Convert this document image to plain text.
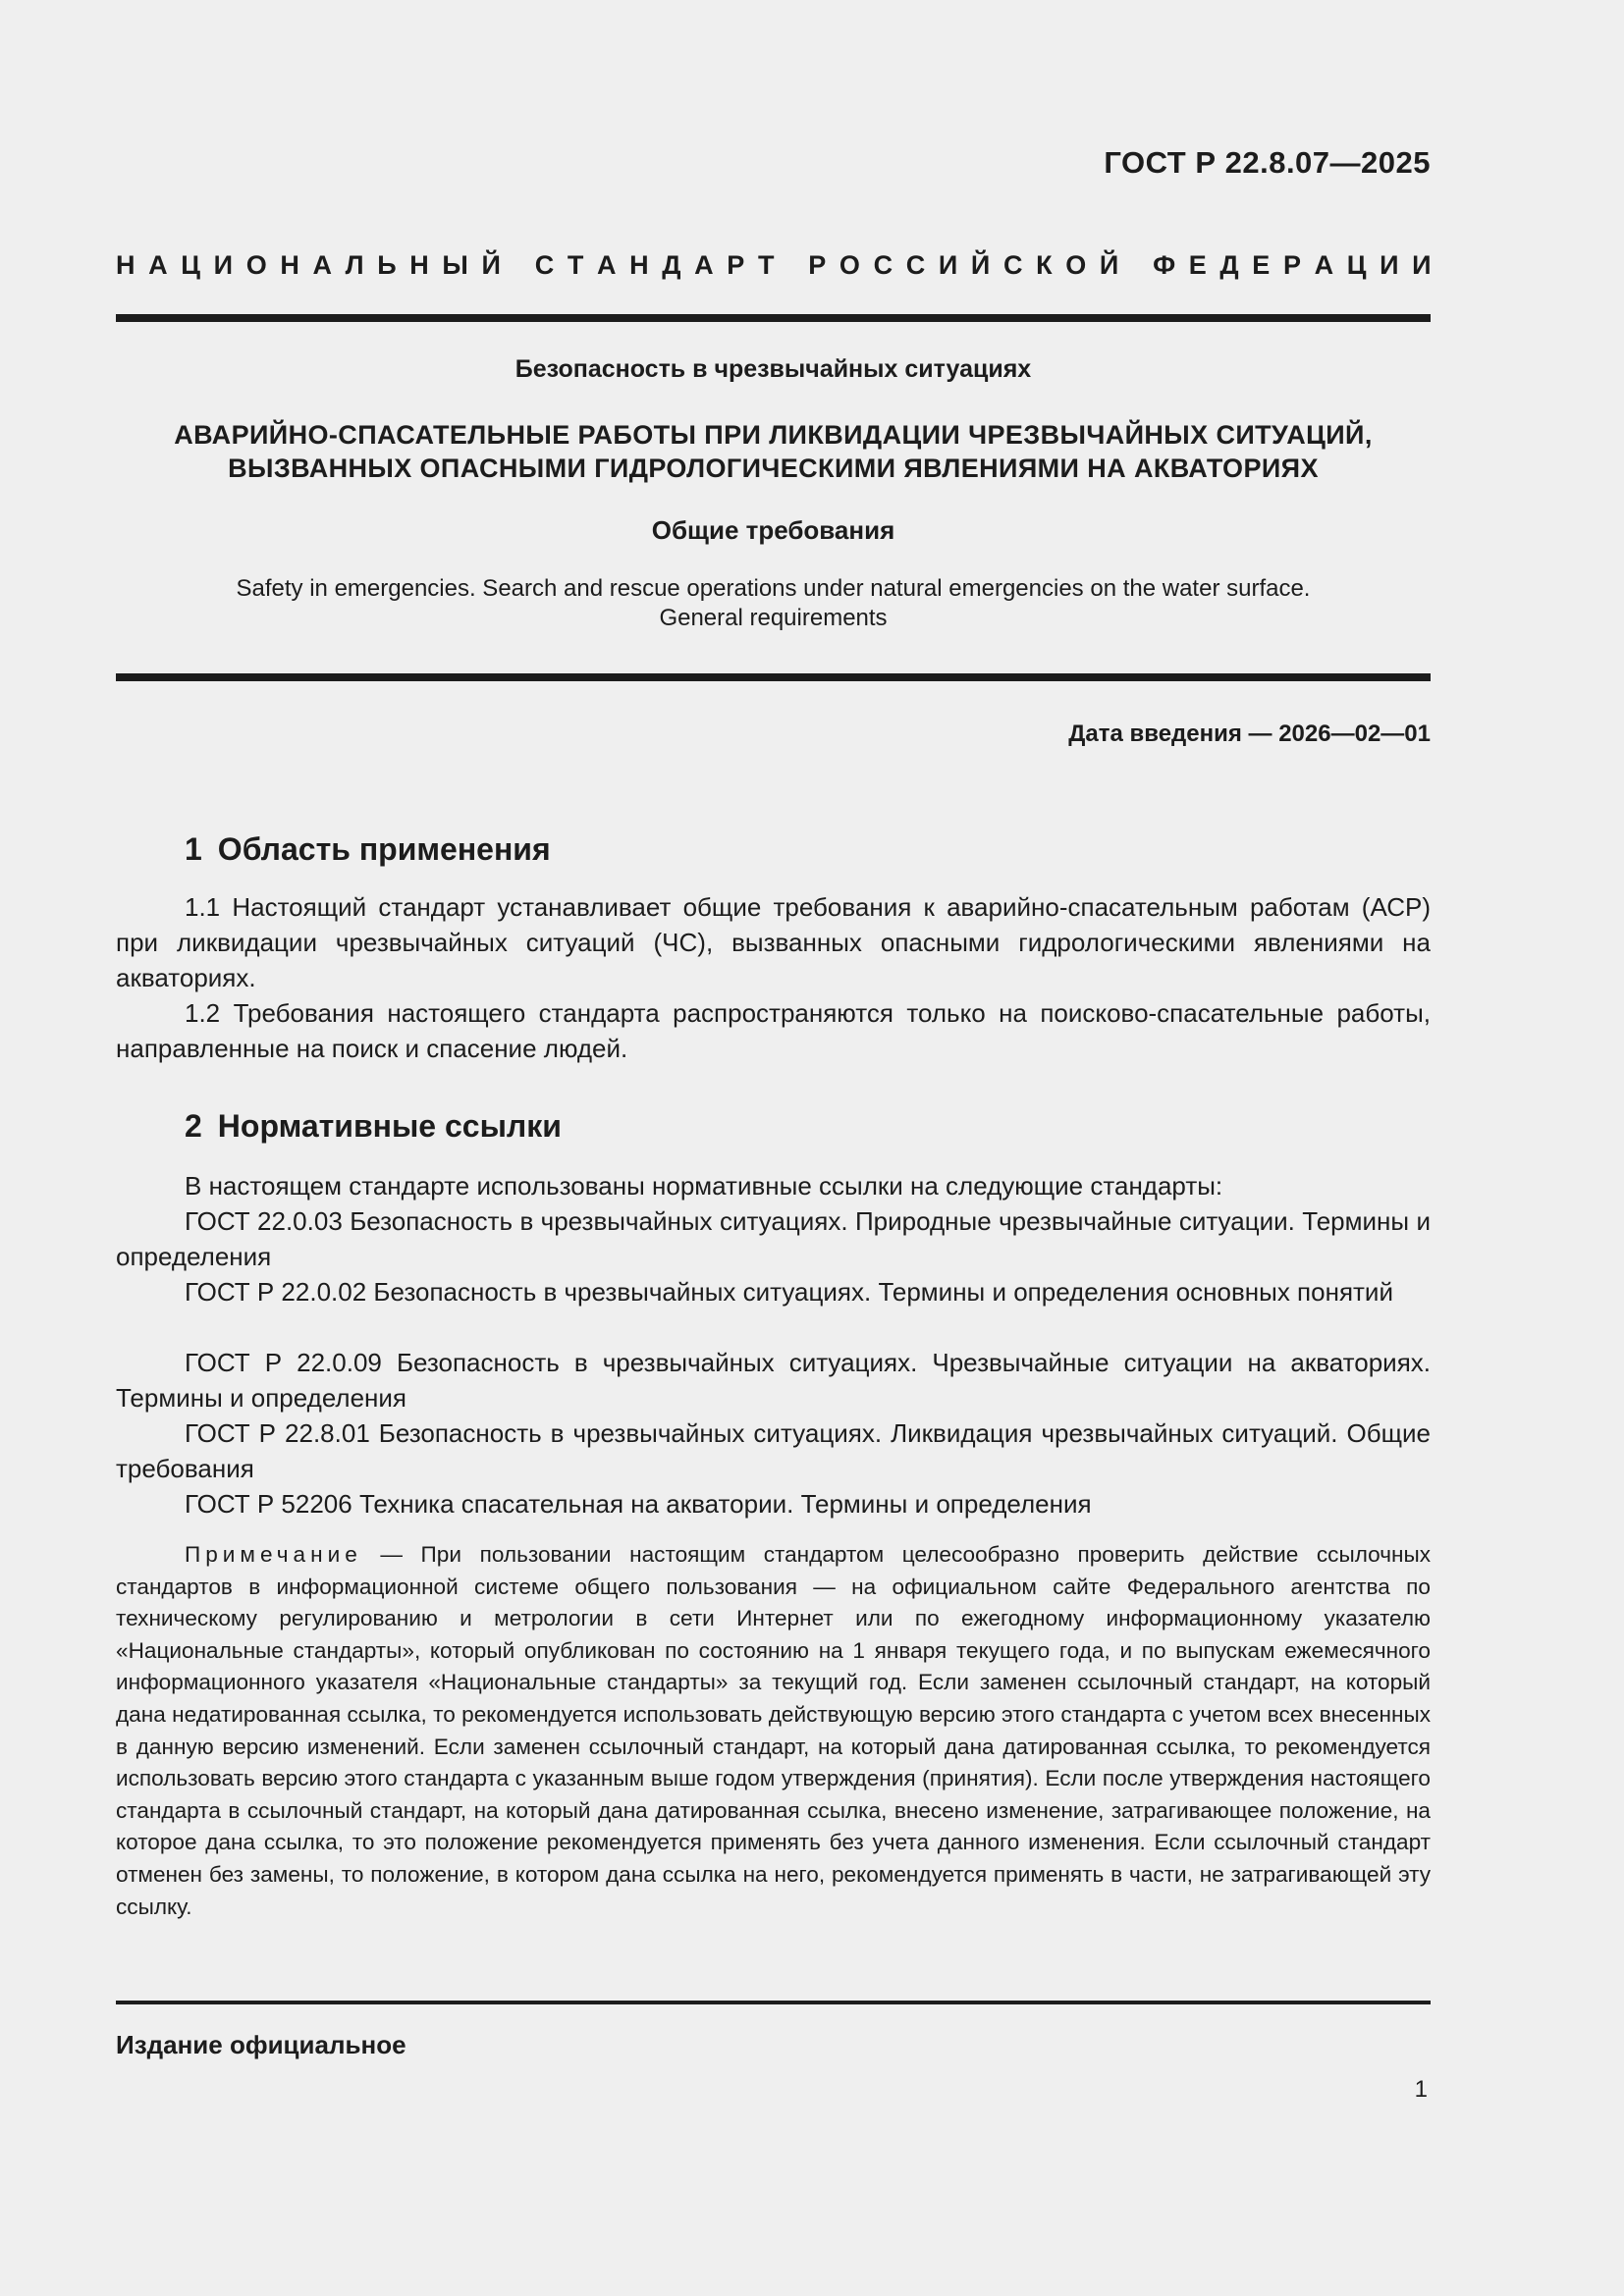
ГОСТ Р 22.8.07—2025
Н А Ц И О Н А Л Ь Н Ы Й
С Т А Н Д А Р Т
Р О С С И Й С К О Й
Ф Е Д Е Р А Ц И И
Безопасность в чрезвычайных ситуациях
АВАРИЙНО-СПАСАТЕЛЬНЫЕ РАБОТЫ ПРИ ЛИКВИДАЦИИ ЧРЕЗВЫЧАЙНЫХ СИТУАЦИЙ,
ВЫЗВАННЫХ ОПАСНЫМИ ГИДРОЛОГИЧЕСКИМИ ЯВЛЕНИЯМИ НА АКВАТОРИЯХ
Общие требования
Safety in emergencies. Search and rescue operations under natural emergencies on the water surface.
General requirements
Дата введения — 2026—02—01
1 Область применения
1.1 Настоящий стандарт устанавливает общие требования к аварийно-спасательным работам (АСР) при ликвидации чрезвычайных ситуаций (ЧС), вызванных опасными гидрологическими явлениями на акваториях.
1.2 Требования настоящего стандарта распространяются только на поисково-спасательные работы, направленные на поиск и спасение людей.
2 Нормативные ссылки
В настоящем стандарте использованы нормативные ссылки на следующие стандарты:
ГОСТ 22.0.03 Безопасность в чрезвычайных ситуациях. Природные чрезвычайные ситуации. Термины и определения
ГОСТ Р 22.0.02 Безопасность в чрезвычайных ситуациях. Термины и определения основных понятий
ГОСТ Р 22.0.09 Безопасность в чрезвычайных ситуациях. Чрезвычайные ситуации на акваториях. Термины и определения
ГОСТ Р 22.8.01 Безопасность в чрезвычайных ситуациях. Ликвидация чрезвычайных ситуаций. Общие требования
ГОСТ Р 52206 Техника спасательная на акватории. Термины и определения
Примечание — При пользовании настоящим стандартом целесообразно проверить действие ссылочных стандартов в информационной системе общего пользования — на официальном сайте Федерального агентства по техническому регулированию и метрологии в сети Интернет или по ежегодному информационному указателю «Национальные стандарты», который опубликован по состоянию на 1 января текущего года, и по выпускам ежемесячного информационного указателя «Национальные стандарты» за текущий год. Если заменен ссылочный стандарт, на который дана недатированная ссылка, то рекомендуется использовать действующую версию этого стандарта с учетом всех внесенных в данную версию изменений. Если заменен ссылочный стандарт, на который дана датированная ссылка, то рекомендуется использовать версию этого стандарта с указанным выше годом утверждения (принятия). Если после утверждения настоящего стандарта в ссылочный стандарт, на который дана датированная ссылка, внесено изменение, затрагивающее положение, на которое дана ссылка, то это положение рекомендуется применять без учета данного изменения. Если ссылочный стандарт отменен без замены, то положение, в котором дана ссылка на него, рекомендуется применять в части, не затрагивающей эту ссылку.
Издание официальное
1
